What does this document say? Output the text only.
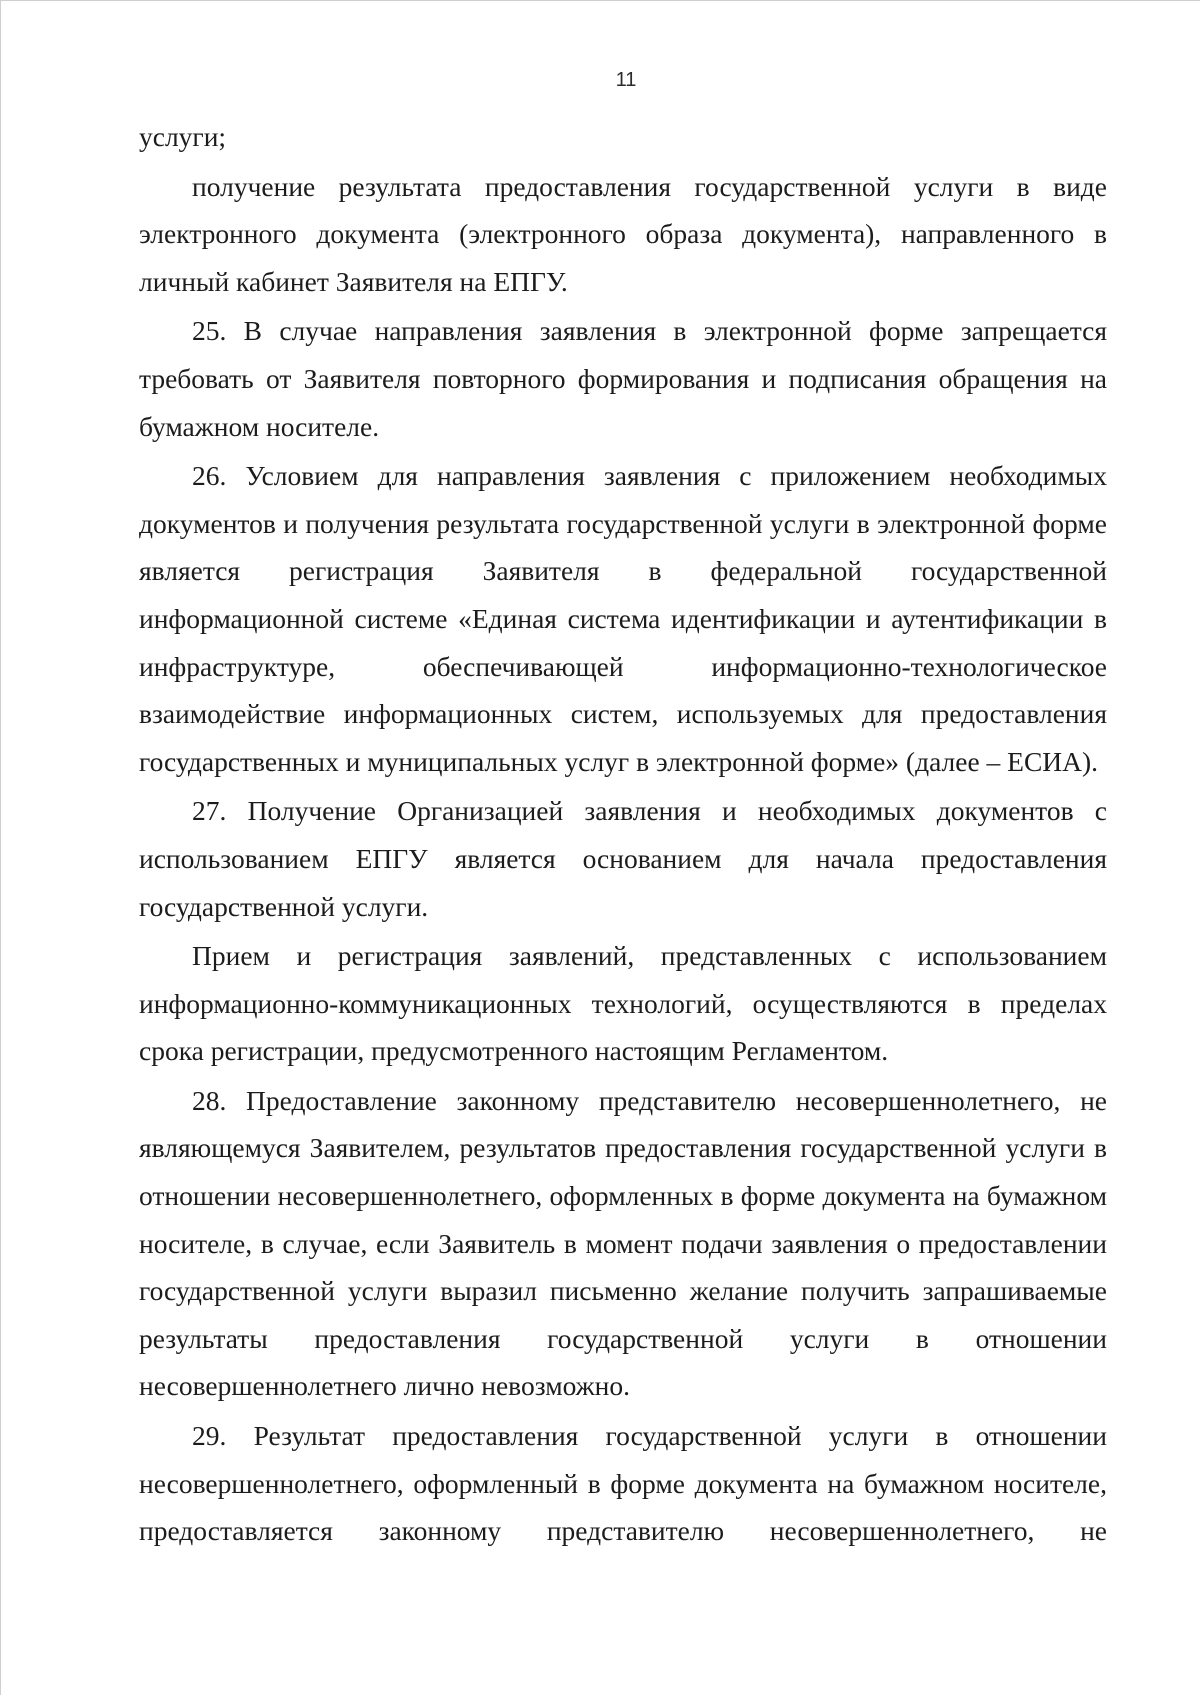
11

услуги;

получение результата предоставления государственной услуги в виде электронного документа (электронного образа документа), направленного в личный кабинет Заявителя на ЕПГУ.

25. В случае направления заявления в электронной форме запрещается требовать от Заявителя повторного формирования и подписания обращения на бумажном носителе.

26. Условием для направления заявления с приложением необходимых документов и получения результата государственной услуги в электронной форме является регистрация Заявителя в федеральной государственной информационной системе «Единая система идентификации и аутентификации в инфраструктуре, обеспечивающей информационно-технологическое взаимодействие информационных систем, используемых для предоставления государственных и муниципальных услуг в электронной форме» (далее – ЕСИА).

27. Получение Организацией заявления и необходимых документов с использованием ЕПГУ является основанием для начала предоставления государственной услуги.

Прием и регистрация заявлений, представленных с использованием информационно-коммуникационных технологий, осуществляются в пределах срока регистрации, предусмотренного настоящим Регламентом.

28. Предоставление законному представителю несовершеннолетнего, не являющемуся Заявителем, результатов предоставления государственной услуги в отношении несовершеннолетнего, оформленных в форме документа на бумажном носителе, в случае, если Заявитель в момент подачи заявления о предоставлении государственной услуги выразил письменно желание получить запрашиваемые результаты предоставления государственной услуги в отношении несовершеннолетнего лично невозможно.

29. Результат предоставления государственной услуги в отношении несовершеннолетнего, оформленный в форме документа на бумажном носителе, предоставляется законному представителю несовершеннолетнего, не
